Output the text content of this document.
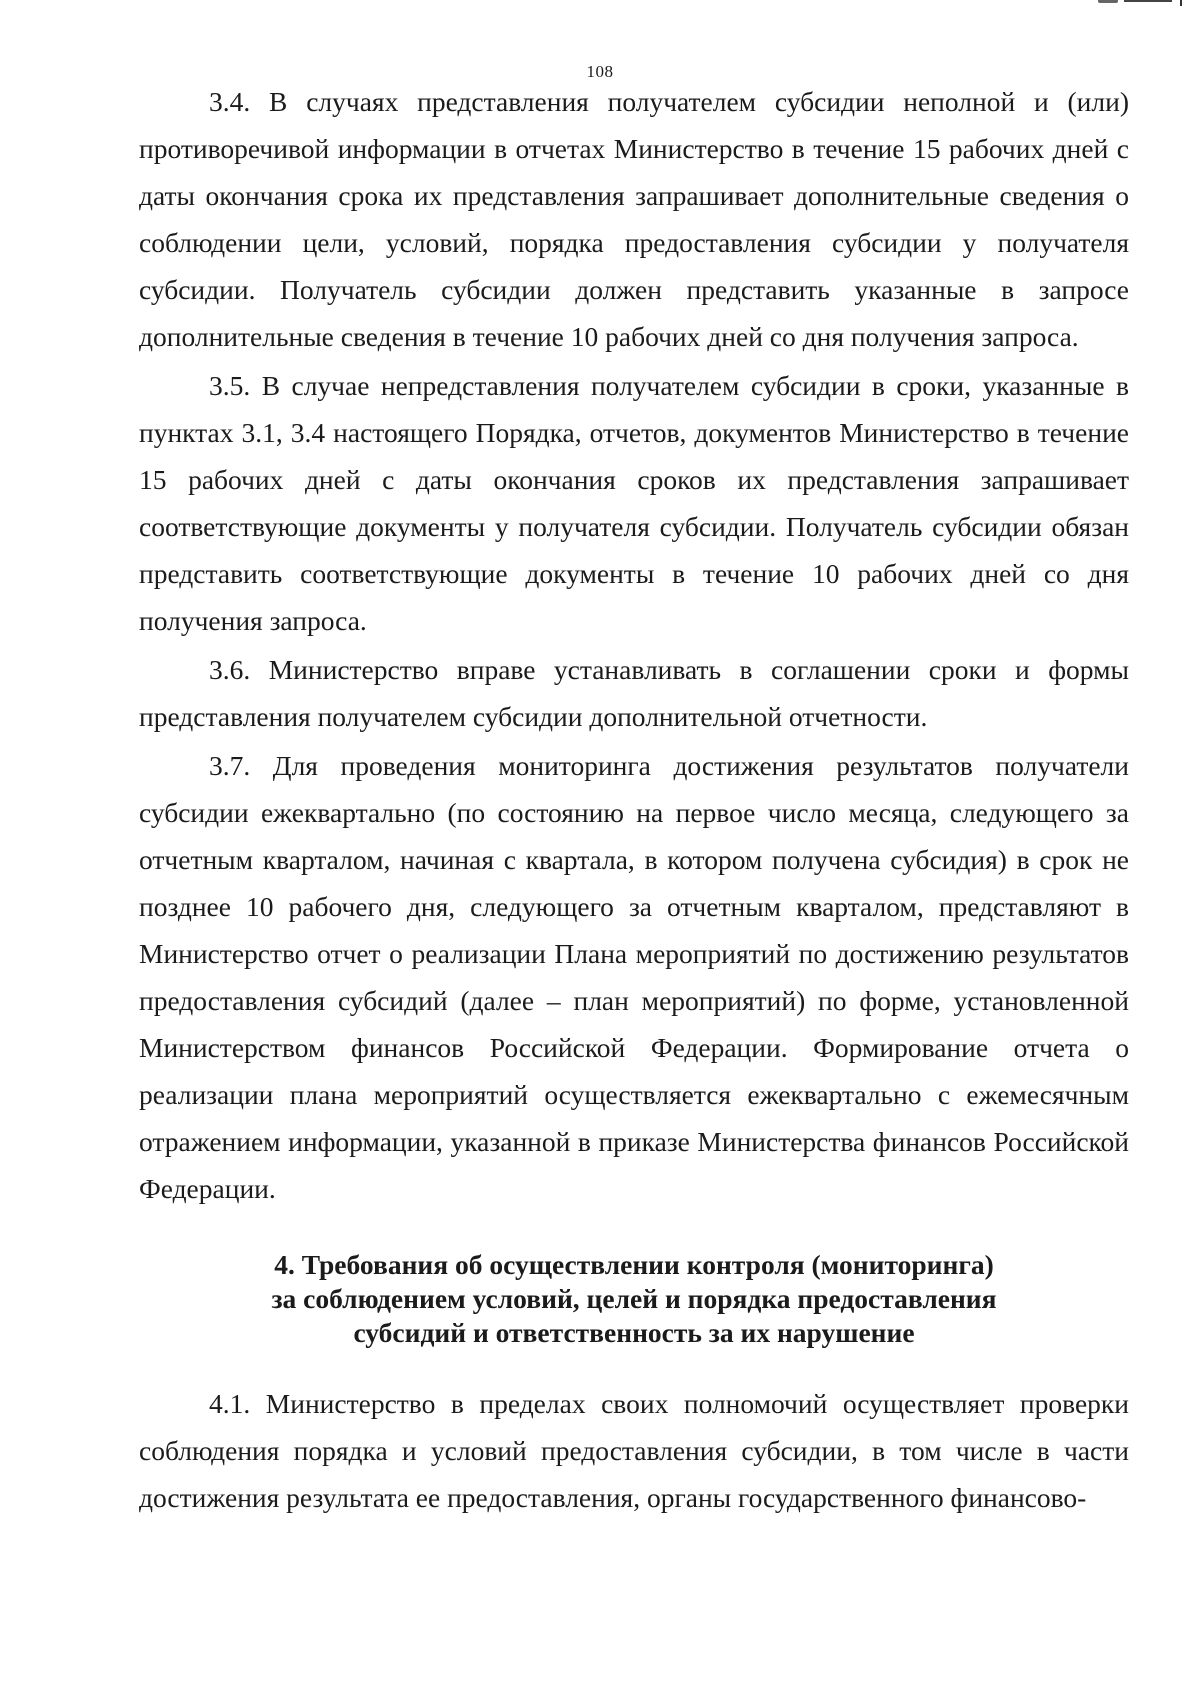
108

3.4. В случаях представления получателем субсидии неполной и (или) противоречивой информации в отчетах Министерство в течение 15 рабочих дней с даты окончания срока их представления запрашивает дополнительные сведения о соблюдении цели, условий, порядка предоставления субсидии у получателя субсидии. Получатель субсидии должен представить указанные в запросе дополнительные сведения в течение 10 рабочих дней со дня получения запроса.

3.5. В случае непредставления получателем субсидии в сроки, указанные в пунктах 3.1, 3.4 настоящего Порядка, отчетов, документов Министерство в течение 15 рабочих дней с даты окончания сроков их представления запрашивает соответствующие документы у получателя субсидии. Получатель субсидии обязан представить соответствующие документы в течение 10 рабочих дней со дня получения запроса.

3.6. Министерство вправе устанавливать в соглашении сроки и формы представления получателем субсидии дополнительной отчетности.

3.7. Для проведения мониторинга достижения результатов получатели субсидии ежеквартально (по состоянию на первое число месяца, следующего за отчетным кварталом, начиная с квартала, в котором получена субсидия) в срок не позднее 10 рабочего дня, следующего за отчетным кварталом, представляют в Министерство отчет о реализации Плана мероприятий по достижению результатов предоставления субсидий (далее – план мероприятий) по форме, установленной Министерством финансов Российской Федерации. Формирование отчета о реализации плана мероприятий осуществляется ежеквартально с ежемесячным отражением информации, указанной в приказе Министерства финансов Российской Федерации.

4. Требования об осуществлении контроля (мониторинга)
за соблюдением условий, целей и порядка предоставления
субсидий и ответственность за их нарушение

4.1. Министерство в пределах своих полномочий осуществляет проверки соблюдения порядка и условий предоставления субсидии, в том числе в части достижения результата ее предоставления, органы государственного финансово-
